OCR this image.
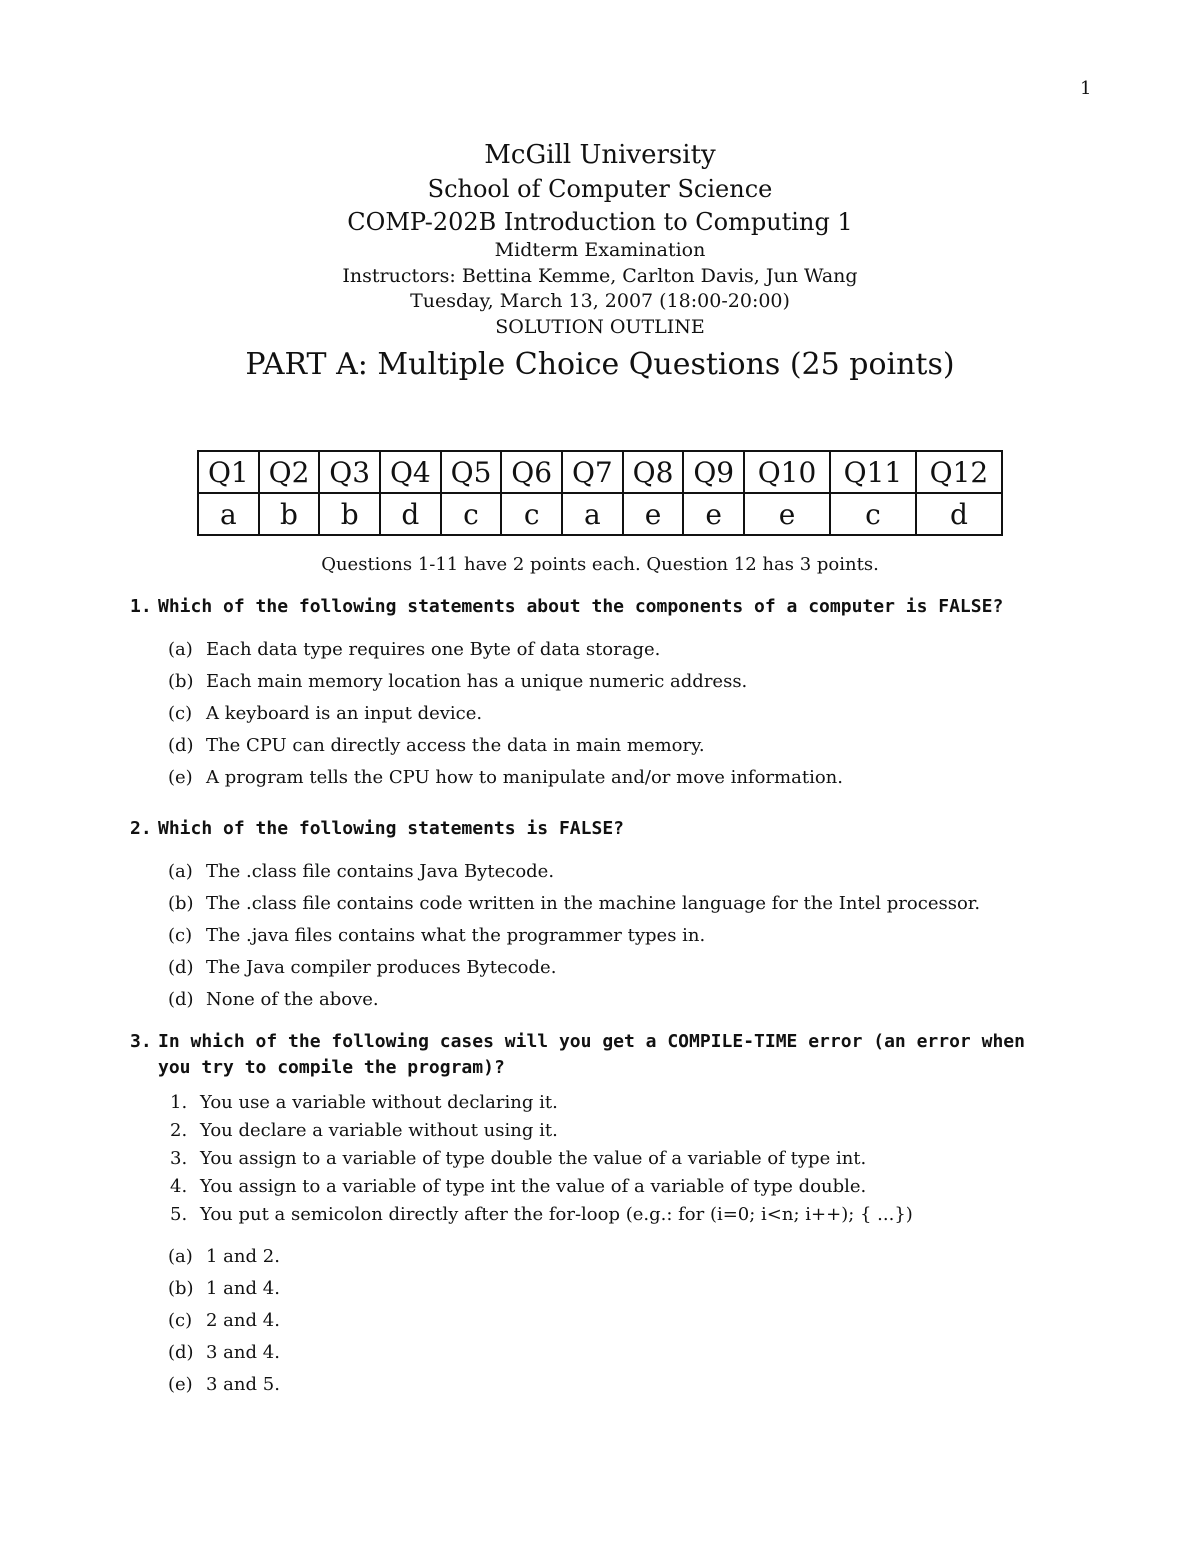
1
McGill University
School of Computer Science
COMP-202B Introduction to Computing 1
Midterm Examination
Instructors: Bettina Kemme, Carlton Davis, Jun Wang
Tuesday, March 13, 2007 (18:00-20:00)
SOLUTION OUTLINE
PART A: Multiple Choice Questions (25 points)
Q1	Q2	Q3	Q4	Q5	Q6	Q7	Q8	Q9	Q10	Q11	Q12
a	b	b	d	c	c	a	e	e	e	c	d
Questions 1-11 have 2 points each. Question 12 has 3 points.
1. Which of the following statements about the components of a computer is FALSE?
(a) Each data type requires one Byte of data storage.
(b) Each main memory location has a unique numeric address.
(c) A keyboard is an input device.
(d) The CPU can directly access the data in main memory.
(e) A program tells the CPU how to manipulate and/or move information.
2. Which of the following statements is FALSE?
(a) The .class file contains Java Bytecode.
(b) The .class file contains code written in the machine language for the Intel processor.
(c) The .java files contains what the programmer types in.
(d) The Java compiler produces Bytecode.
(d) None of the above.
3. In which of the following cases will you get a COMPILE-TIME error (an error when
you try to compile the program)?
1. You use a variable without declaring it.
2. You declare a variable without using it.
3. You assign to a variable of type double the value of a variable of type int.
4. You assign to a variable of type int the value of a variable of type double.
5. You put a semicolon directly after the for-loop (e.g.: for (i=0; i<n; i++); { ...})
(a) 1 and 2.
(b) 1 and 4.
(c) 2 and 4.
(d) 3 and 4.
(e) 3 and 5.
